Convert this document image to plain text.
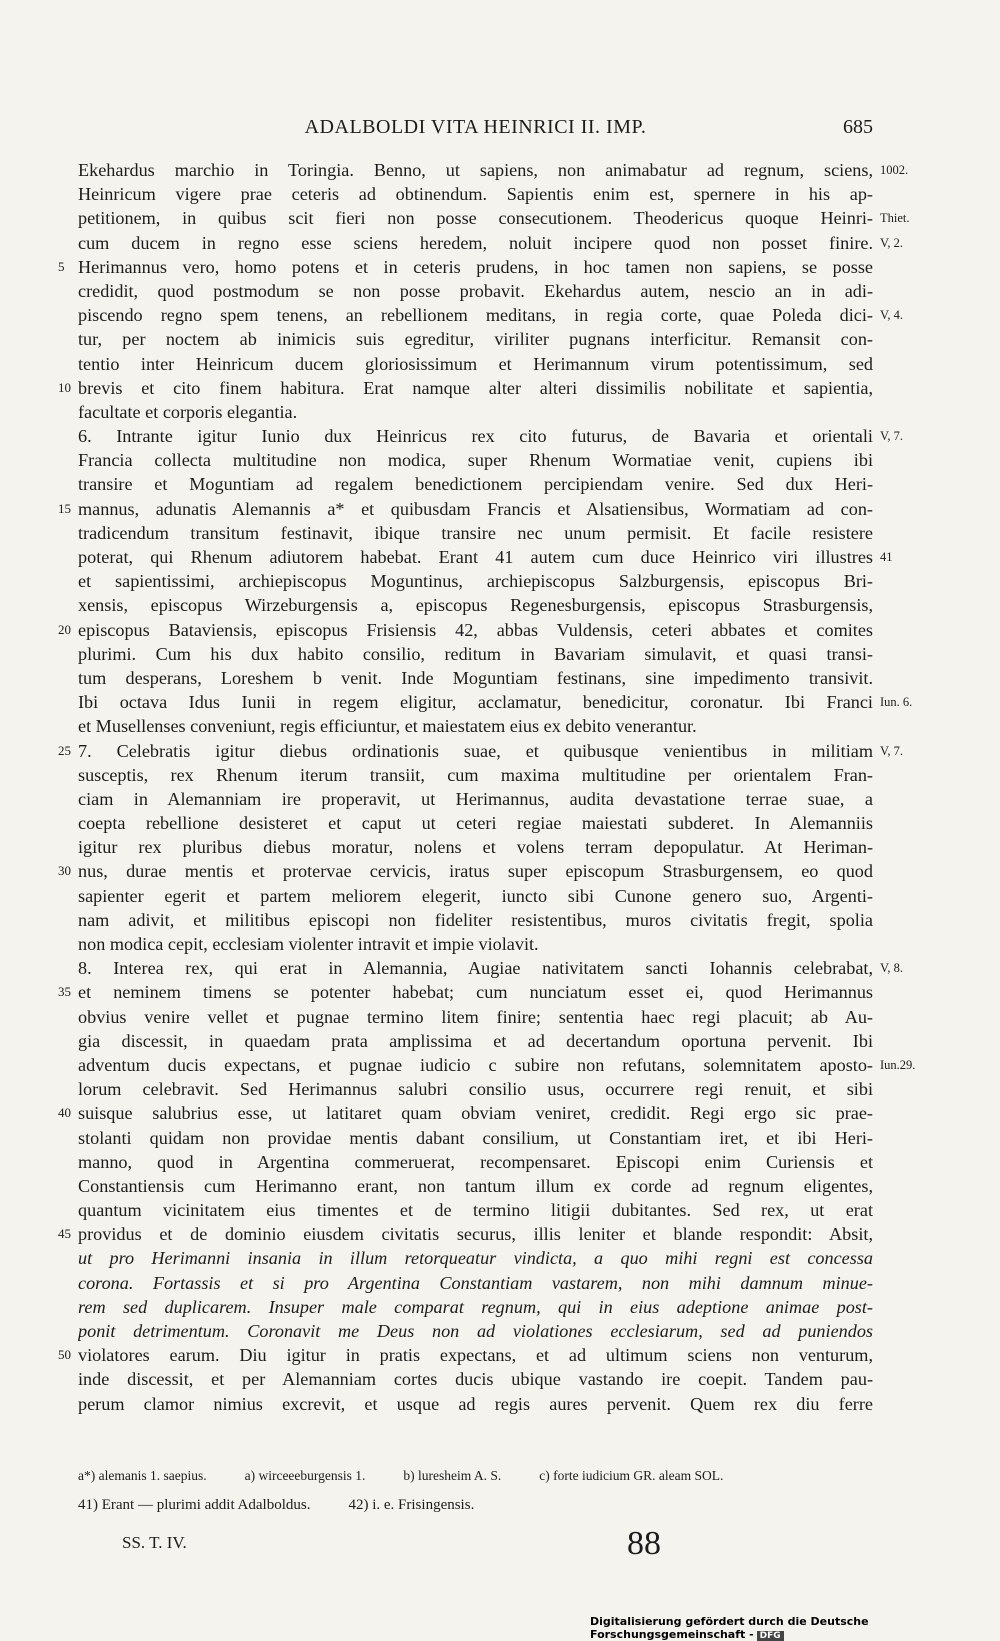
ADALBOLDI VITA HEINRICI II. IMP.	685
Ekehardus marchio in Toringia. Benno, ut sapiens, non animabatur ad regnum, sciens, 1002.
Heinricum vigere prae ceteris ad obtinendum. Sapientis enim est, spernere in his ap-
petitionem, in quibus scit fieri non posse consecutionem. Theodericus quoque Heinri- Thiet.
cum ducem in regno esse sciens heredem, noluit incipere quod non posset finire. V, 2.
5 Herimannus vero, homo potens et in ceteris prudens, in hoc tamen non sapiens, se posse
credidit, quod postmodum se non posse probavit. Ekehardus autem, nescio an in adi-
piscendo regno spem tenens, an rebellionem meditans, in regia corte, quae Poleda dici- V, 4.
tur, per noctem ab inimicis suis egreditur, viriliter pugnans interficitur. Remansit con-
tentio inter Heinricum ducem gloriosissimum et Herimannum virum potentissimum, sed
10 brevis et cito finem habitura. Erat namque alter alteri dissimilis nobilitate et sapientia,
facultate et corporis elegantia.
6. Intrante igitur Iunio dux Heinricus rex cito futurus, de Bavaria et orientali V, 7.
Francia collecta multitudine non modica, super Rhenum Wormatiae venit, cupiens ibi
transire et Moguntiam ad regalem benedictionem percipiendam venire. Sed dux Heri-
15 mannus, adunatis Alemannis a* et quibusdam Francis et Alsatiensibus, Wormatiam ad con-
tradicendum transitum festinavit, ibique transire nec unum permisit. Et facile resistere
poterat, qui Rhenum adiutorem habebat. Erant 41 autem cum duce Heinrico viri illustres 41
et sapientissimi, archiepiscopus Moguntinus, archiepiscopus Salzburgensis, episcopus Bri-
xensis, episcopus Wirzeburgensis a, episcopus Regenesburgensis, episcopus Strasburgensis,
20 episcopus Bataviensis, episcopus Frisiensis 42, abbas Vuldensis, ceteri abbates et comites
plurimi. Cum his dux habito consilio, reditum in Bavariam simulavit, et quasi transi-
tum desperans, Loreshem b venit. Inde Moguntiam festinans, sine impedimento transivit.
Ibi octava Idus Iunii in regem eligitur, acclamatur, benedicitur, coronatur. Ibi Franci Iun. 6.
et Musellenses conveniunt, regis efficiuntur, et maiestatem eius ex debito venerantur.
25 7. Celebratis igitur diebus ordinationis suae, et quibusque venientibus in militiam V, 7.
susceptis, rex Rhenum iterum transiit, cum maxima multitudine per orientalem Fran-
ciam in Alemanniam ire properavit, ut Herimannus, audita devastatione terrae suae, a
coepta rebellione desisteret et caput ut ceteri regiae maiestati subderet. In Alemanniis
igitur rex pluribus diebus moratur, nolens et volens terram depopulatur. At Heriman-
30 nus, durae mentis et protervae cervicis, iratus super episcopum Strasburgensem, eo quod
sapienter egerit et partem meliorem elegerit, iuncto sibi Cunone genero suo, Argenti-
nam adivit, et militibus episcopi non fideliter resistentibus, muros civitatis fregit, spolia
non modica cepit, ecclesiam violenter intravit et impie violavit.
8. Interea rex, qui erat in Alemannia, Augiae nativitatem sancti Iohannis celebrabat, V, 8.
35 et neminem timens se potenter habebat; cum nunciatum esset ei, quod Herimannus
obvius venire vellet et pugnae termino litem finire; sententia haec regi placuit; ab Au-
gia discessit, in quaedam prata amplissima et ad decertandum oportuna pervenit. Ibi
adventum ducis expectans, et pugnae iudicio c subire non refutans, solemnitatem aposto- Iun.29.
lorum celebravit. Sed Herimannus salubri consilio usus, occurrere regi renuit, et sibi
40 suisque salubrius esse, ut latitaret quam obviam veniret, credidit. Regi ergo sic prae-
stolanti quidam non providae mentis dabant consilium, ut Constantiam iret, et ibi Heri-
manno, quod in Argentina commeruerat, recompensaret. Episcopi enim Curiensis et
Constantiensis cum Herimanno erant, non tantum illum ex corde ad regnum eligentes,
quantum vicinitatem eius timentes et de termino litigii dubitantes. Sed rex, ut erat
45 providus et de dominio eiusdem civitatis securus, illis leniter et blande respondit: Absit,
ut pro Herimanni insania in illum retorqueatur vindicta, a quo mihi regni est concessa
corona. Fortassis et si pro Argentina Constantiam vastarem, non mihi damnum minue-
rem sed duplicarem. Insuper male comparat regnum, qui in eius adeptione animae post-
ponit detrimentum. Coronavit me Deus non ad violationes ecclesiarum, sed ad puniendos
50 violatores earum. Diu igitur in pratis expectans, et ad ultimum sciens non venturum,
inde discessit, et per Alemanniam cortes ducis ubique vastando ire coepit. Tandem pau-
perum clamor nimius excrevit, et usque ad regis aures pervenit. Quem rex diu ferre
a*) alemanis 1. saepius.	a) wirceeeburgensis 1.	b) luresheim A. S.	c) forte iudicium GR. aleam SOL.
41) Erant — plurimi addit Adalboldus.	42) i. e. Frisingensis.
SS. T. IV.	88
Digitalisierung gefördert durch die Deutsche Forschungsgemeinschaft - DFG
